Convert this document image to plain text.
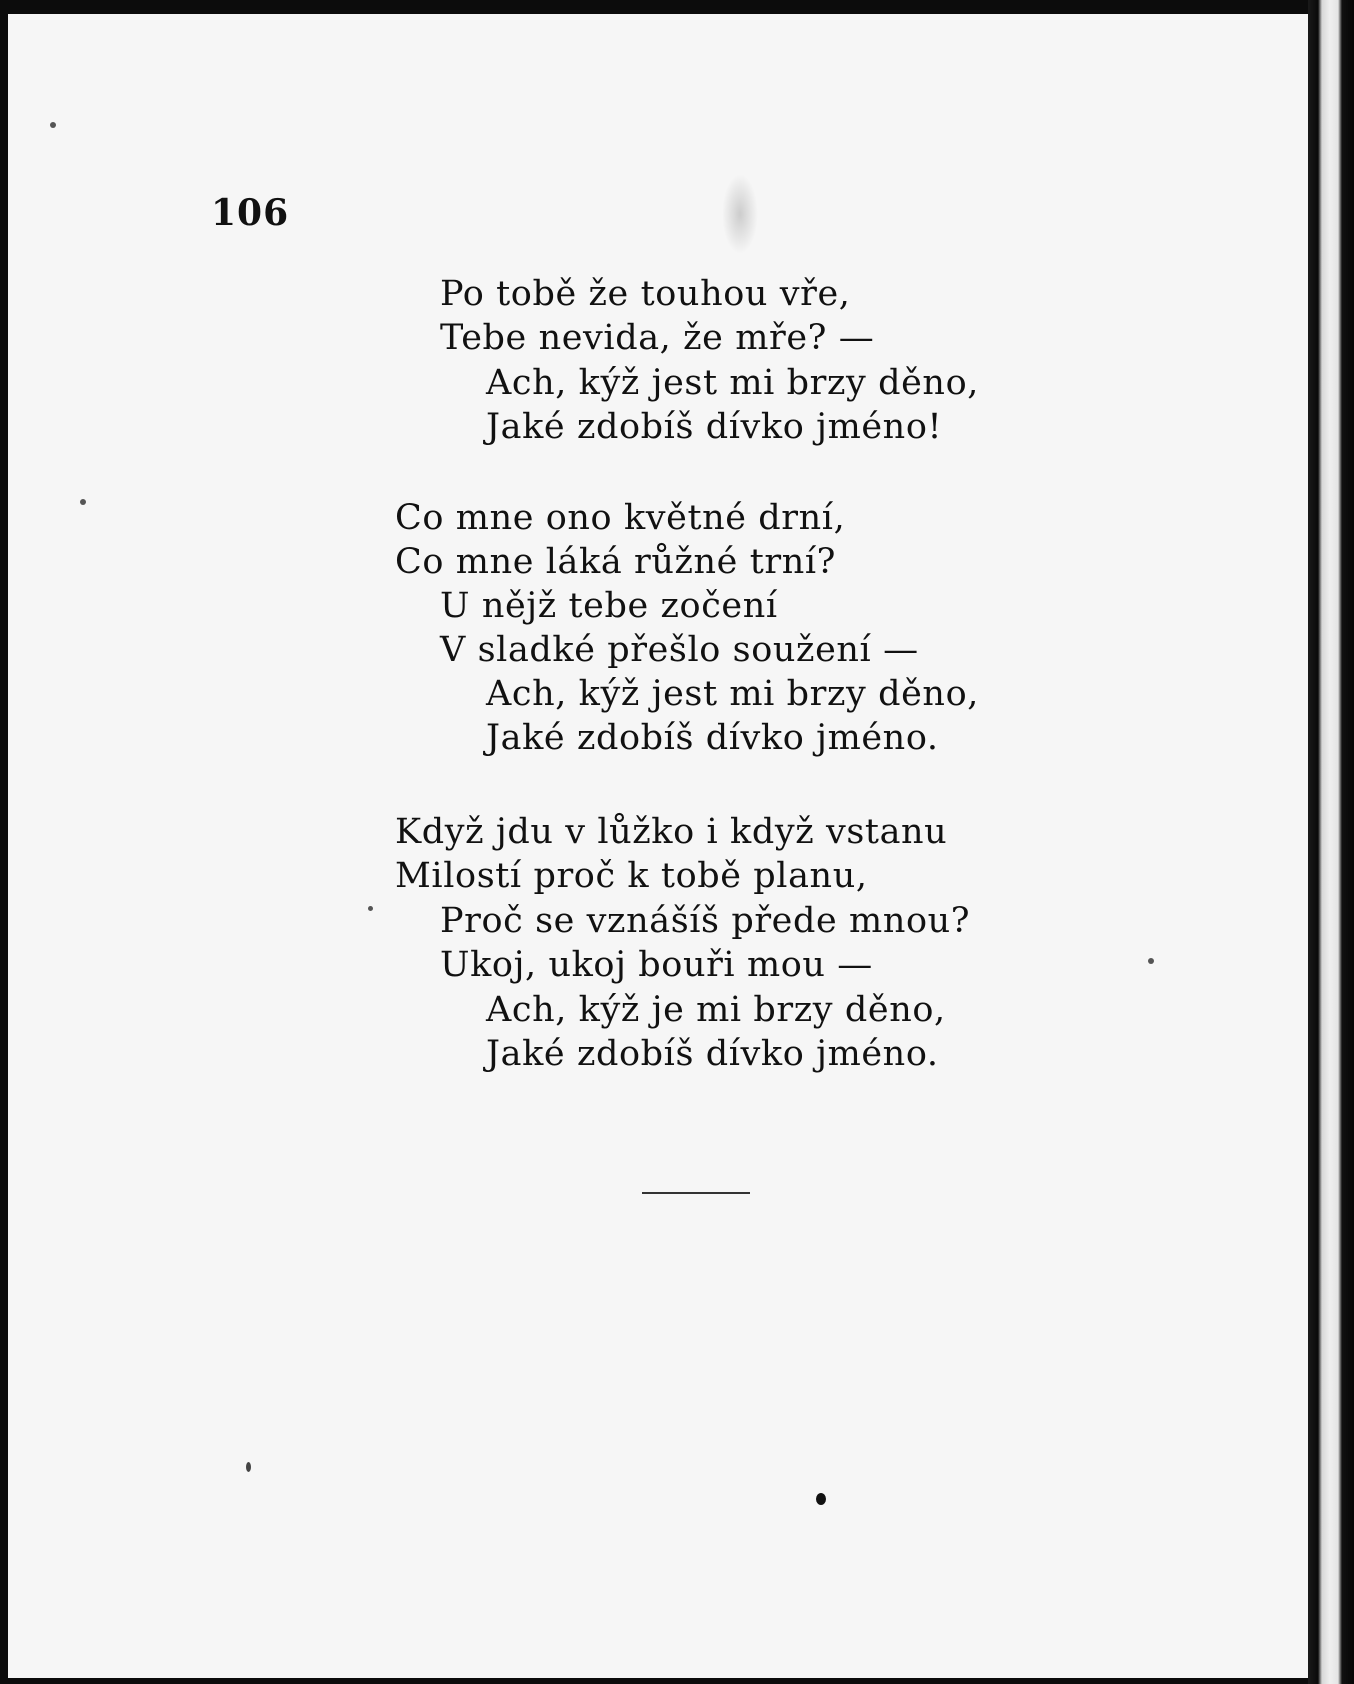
106
Po tobě že touhou vře,
Tebe nevida, že mře? —
Ach, kýž jest mi brzy děno,
Jaké zdobíš dívko jméno!
Co mne ono květné drní,
Co mne láká růžné trní?
U nějž tebe zočení
V sladké přešlo soužení —
Ach, kýž jest mi brzy děno,
Jaké zdobíš dívko jméno.
Když jdu v lůžko i když vstanu
Milostí proč k tobě planu,
Proč se vznášíš přede mnou?
Ukoj, ukoj bouři mou —
Ach, kýž je mi brzy děno,
Jaké zdobíš dívko jméno.
